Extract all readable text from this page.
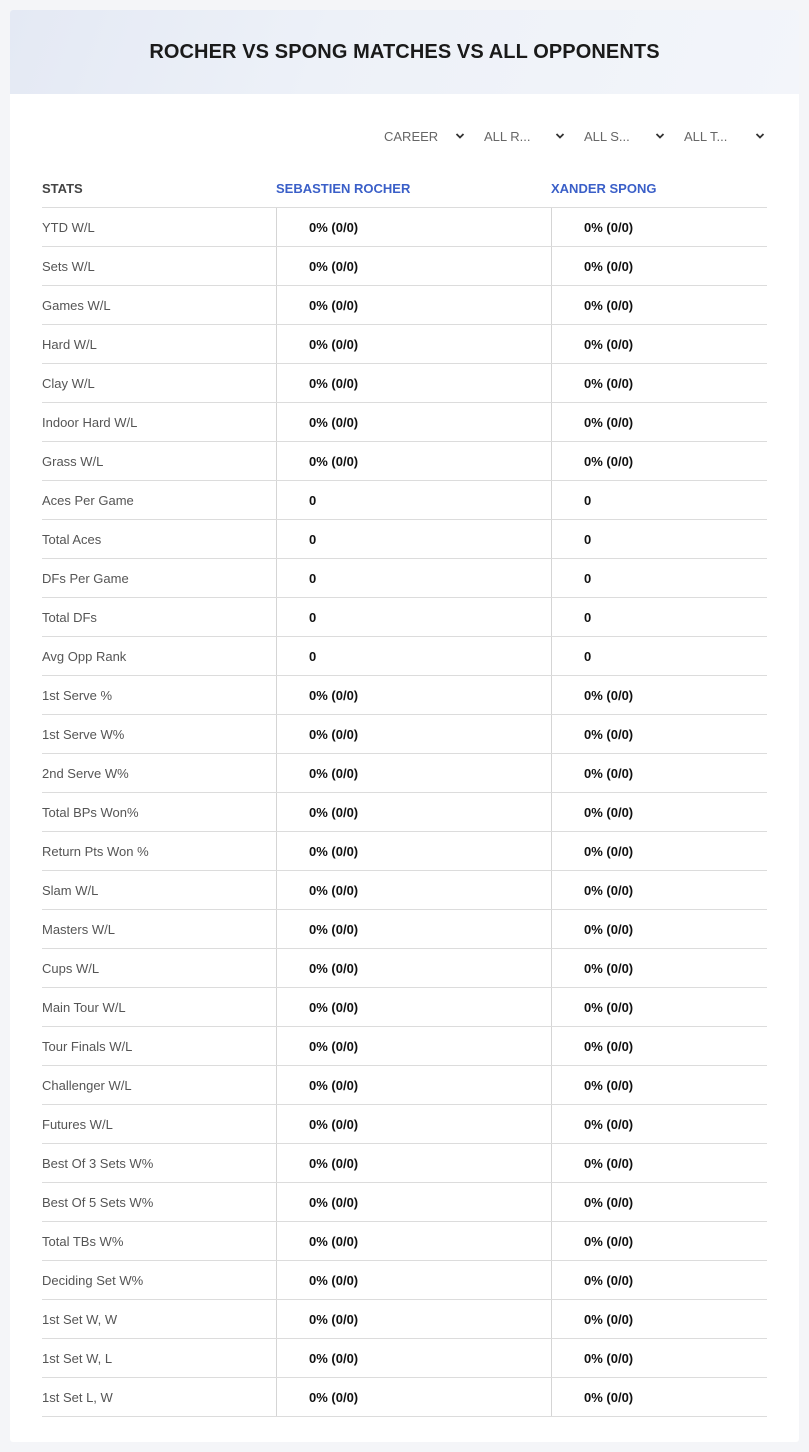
ROCHER VS SPONG MATCHES VS ALL OPPONENTS
CAREER	ALL R...	ALL S...	ALL T...
STATS	SEBASTIEN ROCHER	XANDER SPONG
YTD W/L	0% (0/0)	0% (0/0)
Sets W/L	0% (0/0)	0% (0/0)
Games W/L	0% (0/0)	0% (0/0)
Hard W/L	0% (0/0)	0% (0/0)
Clay W/L	0% (0/0)	0% (0/0)
Indoor Hard W/L	0% (0/0)	0% (0/0)
Grass W/L	0% (0/0)	0% (0/0)
Aces Per Game	0	0
Total Aces	0	0
DFs Per Game	0	0
Total DFs	0	0
Avg Opp Rank	0	0
1st Serve %	0% (0/0)	0% (0/0)
1st Serve W%	0% (0/0)	0% (0/0)
2nd Serve W%	0% (0/0)	0% (0/0)
Total BPs Won%	0% (0/0)	0% (0/0)
Return Pts Won %	0% (0/0)	0% (0/0)
Slam W/L	0% (0/0)	0% (0/0)
Masters W/L	0% (0/0)	0% (0/0)
Cups W/L	0% (0/0)	0% (0/0)
Main Tour W/L	0% (0/0)	0% (0/0)
Tour Finals W/L	0% (0/0)	0% (0/0)
Challenger W/L	0% (0/0)	0% (0/0)
Futures W/L	0% (0/0)	0% (0/0)
Best Of 3 Sets W%	0% (0/0)	0% (0/0)
Best Of 5 Sets W%	0% (0/0)	0% (0/0)
Total TBs W%	0% (0/0)	0% (0/0)
Deciding Set W%	0% (0/0)	0% (0/0)
1st Set W, W	0% (0/0)	0% (0/0)
1st Set W, L	0% (0/0)	0% (0/0)
1st Set L, W	0% (0/0)	0% (0/0)
